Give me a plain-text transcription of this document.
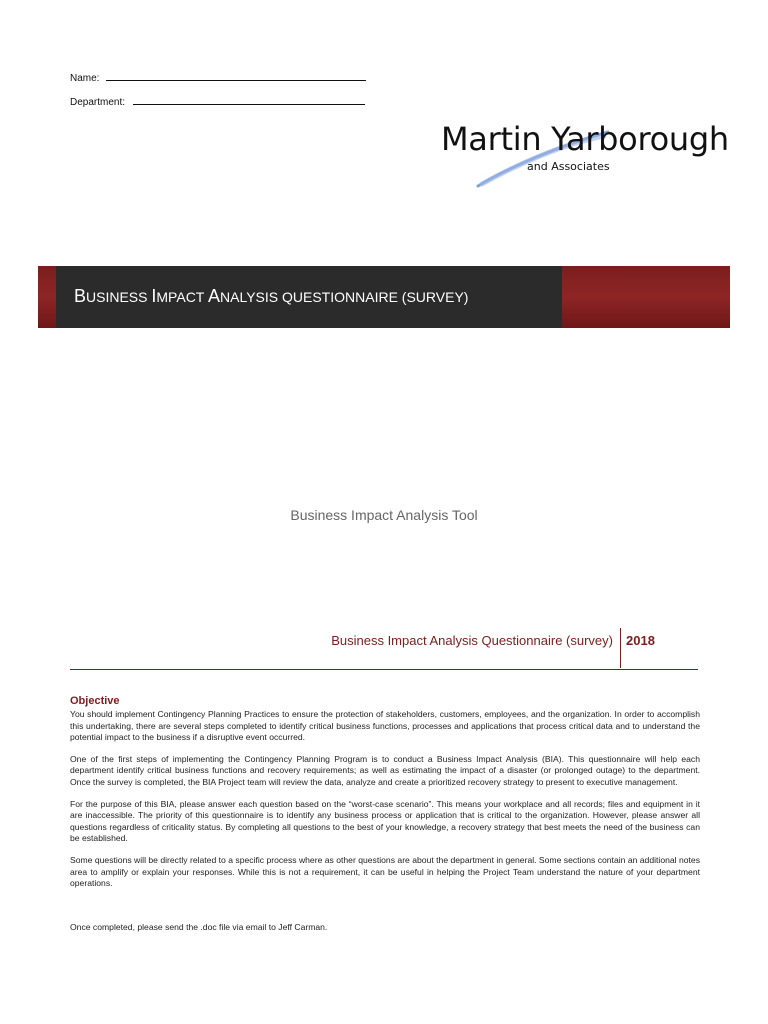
Name:
Department:
Martin Yarborough
and Associates
BUSINESS IMPACT ANALYSIS QUESTIONNAIRE (SURVEY)
Business Impact Analysis Tool
Business Impact Analysis Questionnaire (survey) 2018
Objective

You should implement Contingency Planning Practices to ensure the protection of stakeholders, customers, employees, and the organization. In order to accomplish this undertaking, there are several steps completed to identify critical business functions, processes and applications that process critical data and to understand the potential impact to the business if a disruptive event occurred.

One of the first steps of implementing the Contingency Planning Program is to conduct a Business Impact Analysis (BIA). This questionnaire will help each department identify critical business functions and recovery requirements; as well as estimating the impact of a disaster (or prolonged outage) to the department. Once the survey is completed, the BIA Project team will review the data, analyze and create a prioritized recovery strategy to present to executive management.

For the purpose of this BIA, please answer each question based on the “worst-case scenario”. This means your workplace and all records; files and equipment in it are inaccessible. The priority of this questionnaire is to identify any business process or application that is critical to the organization. However, please answer all questions regardless of criticality status. By completing all questions to the best of your knowledge, a recovery strategy that best meets the need of the business can be established.

Some questions will be directly related to a specific process where as other questions are about the department in general. Some sections contain an additional notes area to amplify or explain your responses. While this is not a requirement, it can be useful in helping the Project Team understand the nature of your department operations.

Once completed, please send the .doc file via email to Jeff Carman.
